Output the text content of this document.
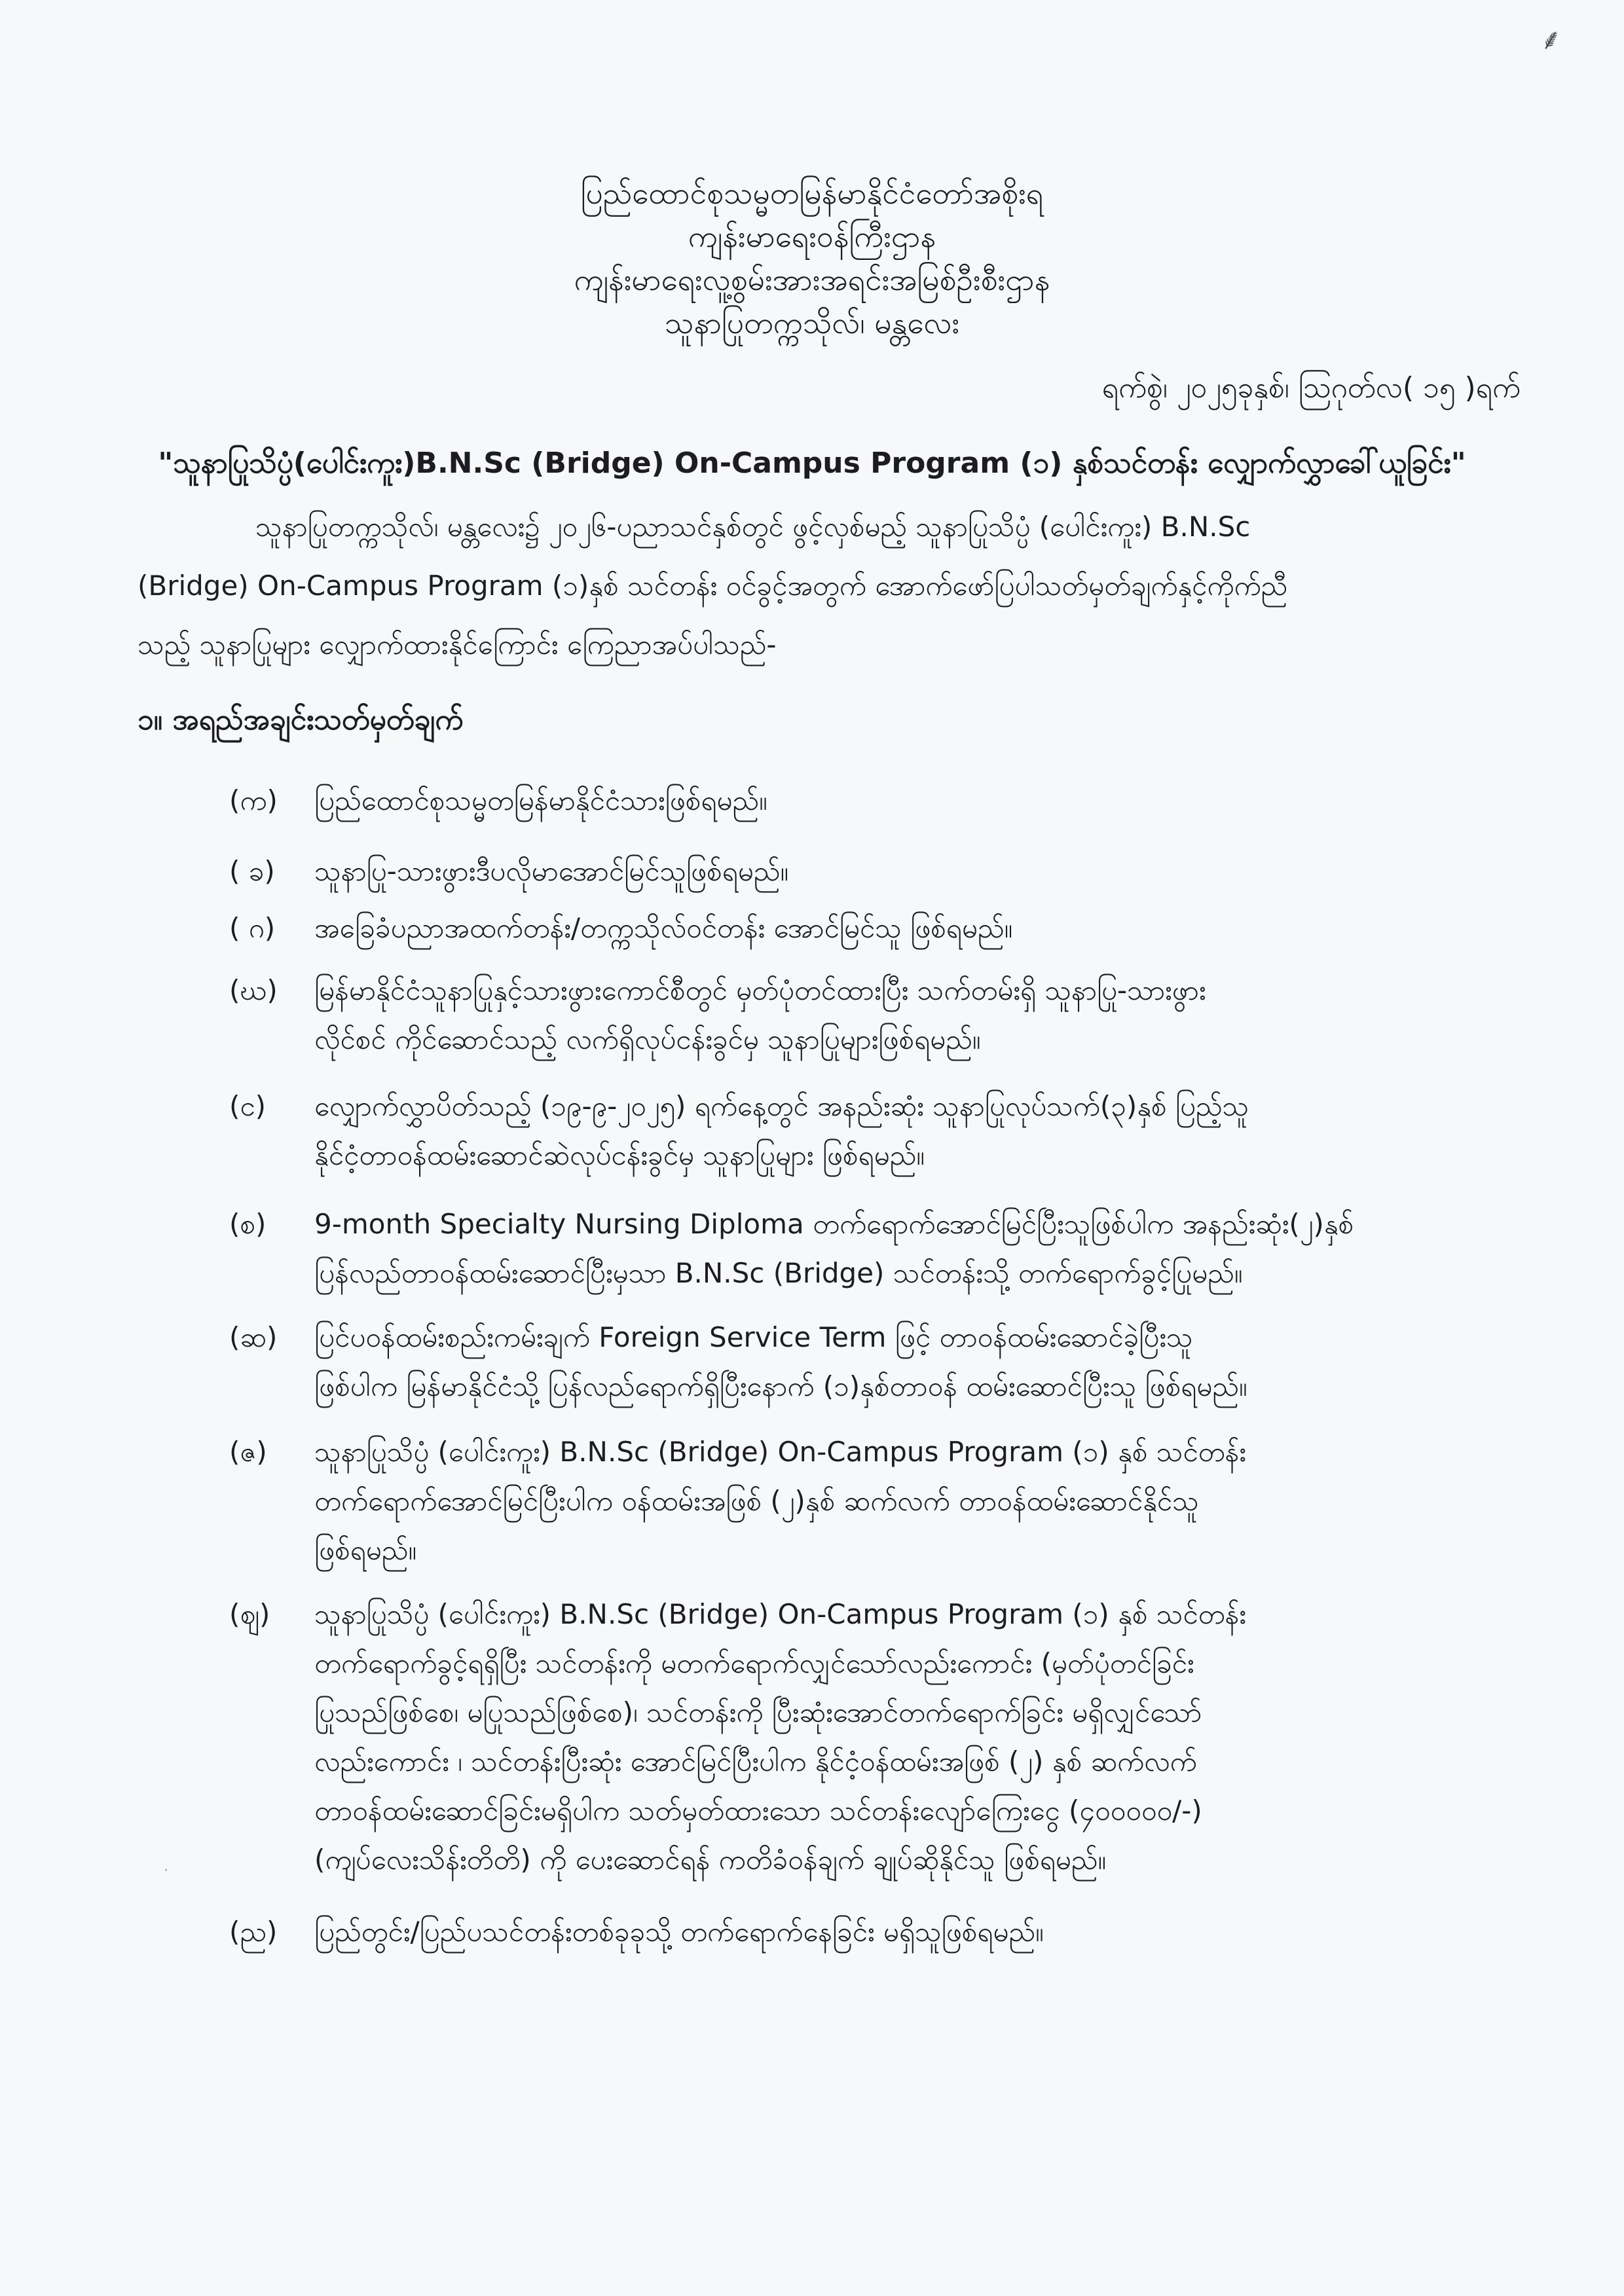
⸙
·
ပြည်ထောင်စုသမ္မတမြန်မာနိုင်ငံတော်အစိုးရ
ကျန်းမာရေးဝန်ကြီးဌာန
ကျန်းမာရေးလူ့စွမ်းအားအရင်းအမြစ်ဦးစီးဌာန
သူနာပြုတက္ကသိုလ်၊ မန္တလေး
ရက်စွဲ၊ ၂၀၂၅ခုနှစ်၊ ဩဂုတ်လ( ၁၅ )ရက်
"သူနာပြုသိပ္ပံ(ပေါင်းကူး)B.N.Sc (Bridge) On-Campus Program (၁) နှစ်သင်တန်း လျှောက်လွှာခေါ်ယူခြင်း"
သူနာပြုတက္ကသိုလ်၊ မန္တလေး၌ ၂၀၂၆-ပညာသင်နှစ်တွင် ဖွင့်လှစ်မည့် သူနာပြုသိပ္ပံ (ပေါင်းကူး) B.N.Sc
(Bridge) On-Campus Program (၁)နှစ် သင်တန်း ဝင်ခွင့်အတွက် အောက်ဖော်ပြပါသတ်မှတ်ချက်နှင့်ကိုက်ညီ
သည့် သူနာပြုများ လျှောက်ထားနိုင်ကြောင်း ကြေညာအပ်ပါသည်-
၁။ အရည်အချင်းသတ်မှတ်ချက်
(က)	ပြည်ထောင်စုသမ္မတမြန်မာနိုင်ငံသားဖြစ်ရမည်။
( ခ)	သူနာပြု-သားဖွားဒီပလိုမာအောင်မြင်သူဖြစ်ရမည်။
( ဂ)	အခြေခံပညာအထက်တန်း/တက္ကသိုလ်ဝင်တန်း အောင်မြင်သူ ဖြစ်ရမည်။
(ဃ)	မြန်မာနိုင်ငံသူနာပြုနှင့်သားဖွားကောင်စီတွင် မှတ်ပုံတင်ထားပြီး သက်တမ်းရှိ သူနာပြု-သားဖွား
လိုင်စင် ကိုင်ဆောင်သည့် လက်ရှိလုပ်ငန်းခွင်မှ သူနာပြုများဖြစ်ရမည်။
(င)	လျှောက်လွှာပိတ်သည့် (၁၉-၉-၂၀၂၅) ရက်နေ့တွင် အနည်းဆုံး သူနာပြုလုပ်သက်(၃)နှစ် ပြည့်သူ
နိုင်ငံ့တာဝန်ထမ်းဆောင်ဆဲလုပ်ငန်းခွင်မှ သူနာပြုများ ဖြစ်ရမည်။
(စ)	9-month Specialty Nursing Diploma တက်ရောက်အောင်မြင်ပြီးသူဖြစ်ပါက အနည်းဆုံး(၂)နှစ်
ပြန်လည်တာဝန်ထမ်းဆောင်ပြီးမှသာ B.N.Sc (Bridge) သင်တန်းသို့ တက်ရောက်ခွင့်ပြုမည်။
(ဆ)	ပြင်ပဝန်ထမ်းစည်းကမ်းချက် Foreign Service Term ဖြင့် တာဝန်ထမ်းဆောင်ခဲ့ပြီးသူ
ဖြစ်ပါက မြန်မာနိုင်ငံသို့ ပြန်လည်ရောက်ရှိပြီးနောက် (၁)နှစ်တာဝန် ထမ်းဆောင်ပြီးသူ ဖြစ်ရမည်။
(ဇ)	သူနာပြုသိပ္ပံ (ပေါင်းကူး) B.N.Sc (Bridge) On-Campus Program (၁) နှစ် သင်တန်း
တက်ရောက်အောင်မြင်ပြီးပါက ဝန်ထမ်းအဖြစ် (၂)နှစ် ဆက်လက် တာဝန်ထမ်းဆောင်နိုင်သူ
ဖြစ်ရမည်။
(ဈ)	သူနာပြုသိပ္ပံ (ပေါင်းကူး) B.N.Sc (Bridge) On-Campus Program (၁) နှစ် သင်တန်း
တက်ရောက်ခွင့်ရရှိပြီး သင်တန်းကို မတက်ရောက်လျှင်သော်လည်းကောင်း (မှတ်ပုံတင်ခြင်း
ပြုသည်ဖြစ်စေ၊ မပြုသည်ဖြစ်စေ)၊ သင်တန်းကို ပြီးဆုံးအောင်တက်ရောက်ခြင်း မရှိလျှင်သော်
လည်းကောင်း ၊ သင်တန်းပြီးဆုံး အောင်မြင်ပြီးပါက နိုင်ငံ့ဝန်ထမ်းအဖြစ် (၂) နှစ် ဆက်လက်
တာဝန်ထမ်းဆောင်ခြင်းမရှိပါက သတ်မှတ်ထားသော သင်တန်းလျော်ကြေးငွေ (၄၀၀၀၀၀/-)
(ကျပ်လေးသိန်းတိတိ) ကို ပေးဆောင်ရန် ကတိခံဝန်ချက် ချုပ်ဆိုနိုင်သူ ဖြစ်ရမည်။
(ည)	ပြည်တွင်း/ပြည်ပသင်တန်းတစ်ခုခုသို့ တက်ရောက်နေခြင်း မရှိသူဖြစ်ရမည်။
